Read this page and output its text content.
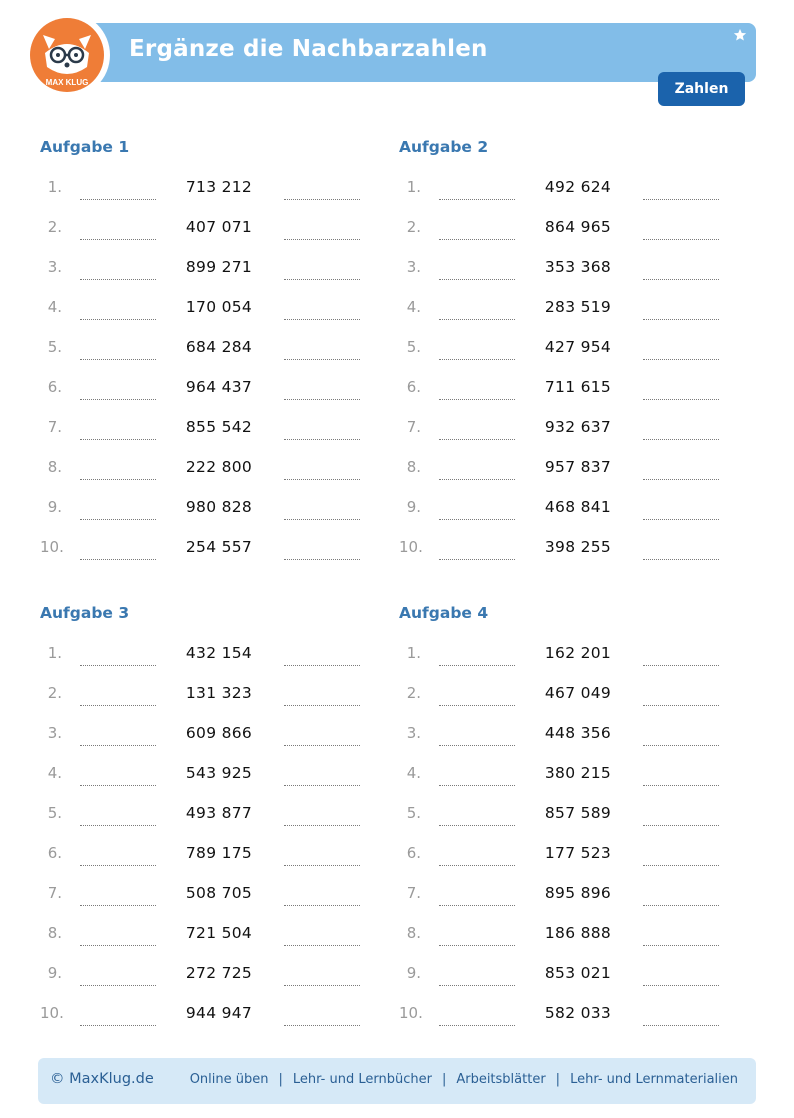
MAX KLUG
Ergänze die Nachbarzahlen
Zahlen
Aufgabe 1
1.	713 212
2.	407 071
3.	899 271
4.	170 054
5.	684 284
6.	964 437
7.	855 542
8.	222 800
9.	980 828
10.	254 557
Aufgabe 2
1.	492 624
2.	864 965
3.	353 368
4.	283 519
5.	427 954
6.	711 615
7.	932 637
8.	957 837
9.	468 841
10.	398 255
Aufgabe 3
1.	432 154
2.	131 323
3.	609 866
4.	543 925
5.	493 877
6.	789 175
7.	508 705
8.	721 504
9.	272 725
10.	944 947
Aufgabe 4
1.	162 201
2.	467 049
3.	448 356
4.	380 215
5.	857 589
6.	177 523
7.	895 896
8.	186 888
9.	853 021
10.	582 033
© MaxKlug.de	Online üben | Lehr- und Lernbücher | Arbeitsblätter | Lehr- und Lernmaterialien
